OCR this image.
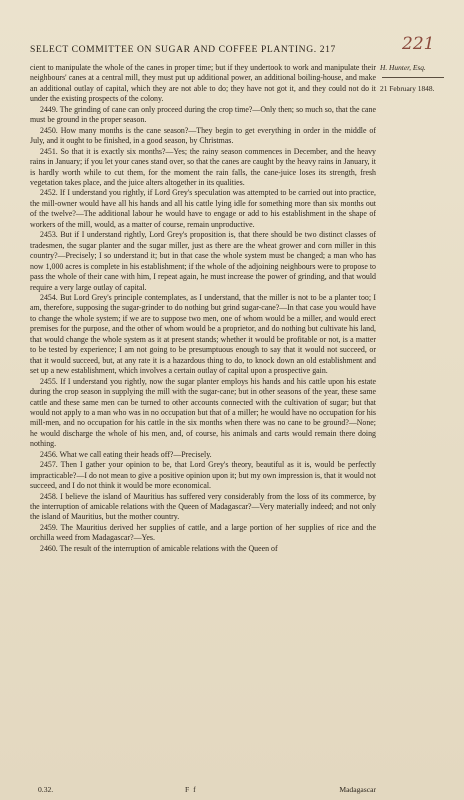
SELECT COMMITTEE ON SUGAR AND COFFEE PLANTING. 217	221
H. Hunter, Esq.
21 February 1848.

cient to manipulate the whole of the canes in proper time; but if they undertook to work and manipulate their neighbours' canes at a central mill, they must put up additional power, an additional boiling-house, and make an additional outlay of capital, which they are not able to do; they have not got it, and they could not do it under the existing prospects of the colony.

2449. The grinding of cane can only proceed during the crop time?—Only then; so much so, that the cane must be ground in the proper season.

2450. How many months is the cane season?—They begin to get everything in order in the middle of July, and it ought to be finished, in a good season, by Christmas.

2451. So that it is exactly six months?—Yes; the rainy season commences in December, and the heavy rains in January; if you let your canes stand over, so that the canes are caught by the heavy rains in January, it is hardly worth while to cut them, for the moment the rain falls, the cane-juice loses its strength, fresh vegetation takes place, and the juice alters altogether in its qualities.

2452. If I understand you rightly, if Lord Grey's speculation was attempted to be carried out into practice, the mill-owner would have all his hands and all his cattle lying idle for something more than six months out of the twelve?—The additional labour he would have to engage or add to his establishment in the shape of workers of the mill, would, as a matter of course, remain unproductive.

2453. But if I understand rightly, Lord Grey's proposition is, that there should be two distinct classes of tradesmen, the sugar planter and the sugar miller, just as there are the wheat grower and corn miller in this country?—Precisely; I so understand it; but in that case the whole system must be changed; a man who has now 1,000 acres is complete in his establishment; if the whole of the adjoining neighbours were to propose to pass the whole of their cane with him, I repeat again, he must increase the power of grinding, and that would require a very large outlay of capital.

2454. But Lord Grey's principle contemplates, as I understand, that the miller is not to be a planter too; I am, therefore, supposing the sugar-grinder to do nothing but grind sugar-cane?—In that case you would have to change the whole system; if we are to suppose two men, one of whom would be a miller, and would erect premises for the purpose, and the other of whom would be a proprietor, and do nothing but cultivate his land, that would change the whole system as it at present stands; whether it would be profitable or not, is a matter to be tested by experience; I am not going to be presumptuous enough to say that it would not succeed, or that it would succeed, but, at any rate it is a hazardous thing to do, to knock down an old establishment and set up a new establishment, which involves a certain outlay of capital upon a prospective gain.

2455. If I understand you rightly, now the sugar planter employs his hands and his cattle upon his estate during the crop season in supplying the mill with the sugar-cane; but in other seasons of the year, these same cattle and these same men can be turned to other accounts connected with the cultivation of sugar; but that would not apply to a man who was in no occupation but that of a miller; he would have no occupation for his mill-men, and no occupation for his cattle in the six months when there was no cane to be ground?—None; he would discharge the whole of his men, and, of course, his animals and carts would remain there doing nothing.

2456. What we call eating their heads off?—Precisely.

2457. Then I gather your opinion to be, that Lord Grey's theory, beautiful as it is, would be perfectly impracticable?—I do not mean to give a positive opinion upon it; but my own impression is, that it would not succeed, and I do not think it would be more economical.

2458. I believe the island of Mauritius has suffered very considerably from the loss of its commerce, by the interruption of amicable relations with the Queen of Madagascar?—Very materially indeed; and not only the island of Mauritius, but the mother country.

2459. The Mauritius derived her supplies of cattle, and a large portion of her supplies of rice and the orchilla weed from Madagascar?—Yes.

2460. The result of the interruption of amicable relations with the Queen of

0.32.	F f	Madagascar
